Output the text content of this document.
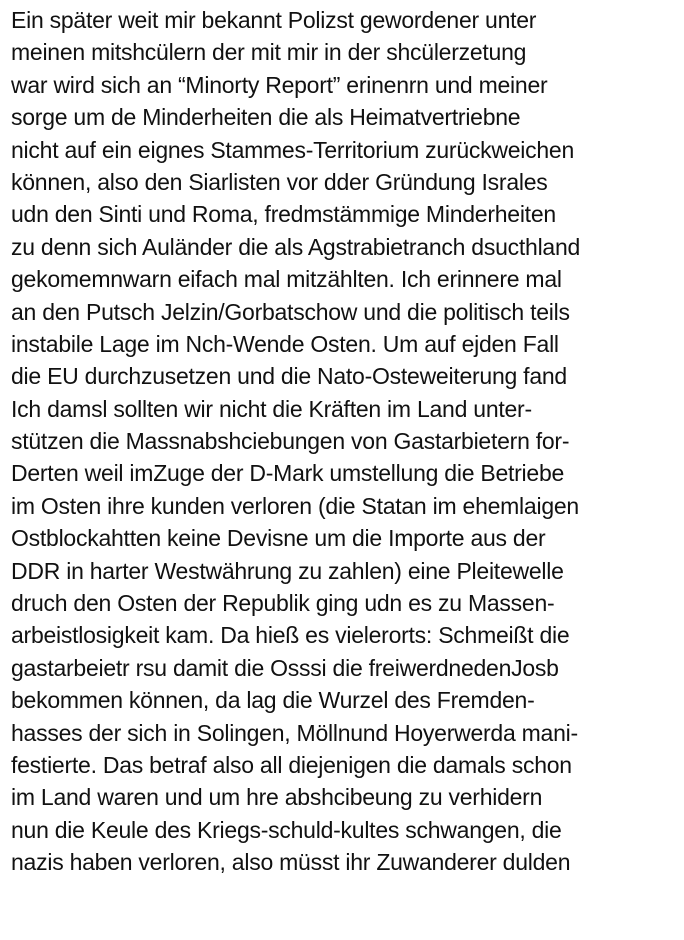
Ein später weit mir bekannt Polizst gewordener unter
meinen mitshcülern der mit mir in der shcülerzetung
war wird sich an “Minorty Report” erinenrn und meiner
sorge um de Minderheiten die als Heimatvertriebne
nicht auf ein eignes Stammes-Territorium zurückweichen
können, also den Siarlisten vor dder Gründung Israles
udn den Sinti und Roma, fredmstämmige Minderheiten
zu denn sich Auländer die als Agstrabietranch dsucthland
gekomemnwarn eifach mal mitzählten. Ich erinnere mal
an den Putsch Jelzin/Gorbatschow und die politisch teils
instabile Lage im Nch-Wende Osten. Um auf ejden Fall
die EU durchzusetzen und die Nato-Osteweiterung fand
Ich damsl sollten wir nicht die Kräften im Land unter-
stützen die Massnabshciebungen von Gastarbietern for-
Derten weil imZuge der D-Mark umstellung die Betriebe
im Osten ihre kunden verloren (die Statan im ehemlaigen
Ostblockahtten keine Devisne um die Importe aus der
DDR in harter Westwährung zu zahlen) eine Pleitewelle
druch den Osten der Republik ging udn es zu Massen-
arbeistlosigkeit kam. Da hieß es vielerorts: Schmeißt die
gastarbeietr rsu damit die Osssi die freiwerdnedenJosb
bekommen können, da lag die Wurzel des Fremden-
hasses der sich in Solingen, Möllnund Hoyerwerda mani-
festierte. Das betraf also all diejenigen die damals schon
im Land waren und um hre abshcibeung zu verhidern
nun die Keule des Kriegs-schuld-kultes schwangen, die
nazis haben verloren, also müsst ihr Zuwanderer dulden
